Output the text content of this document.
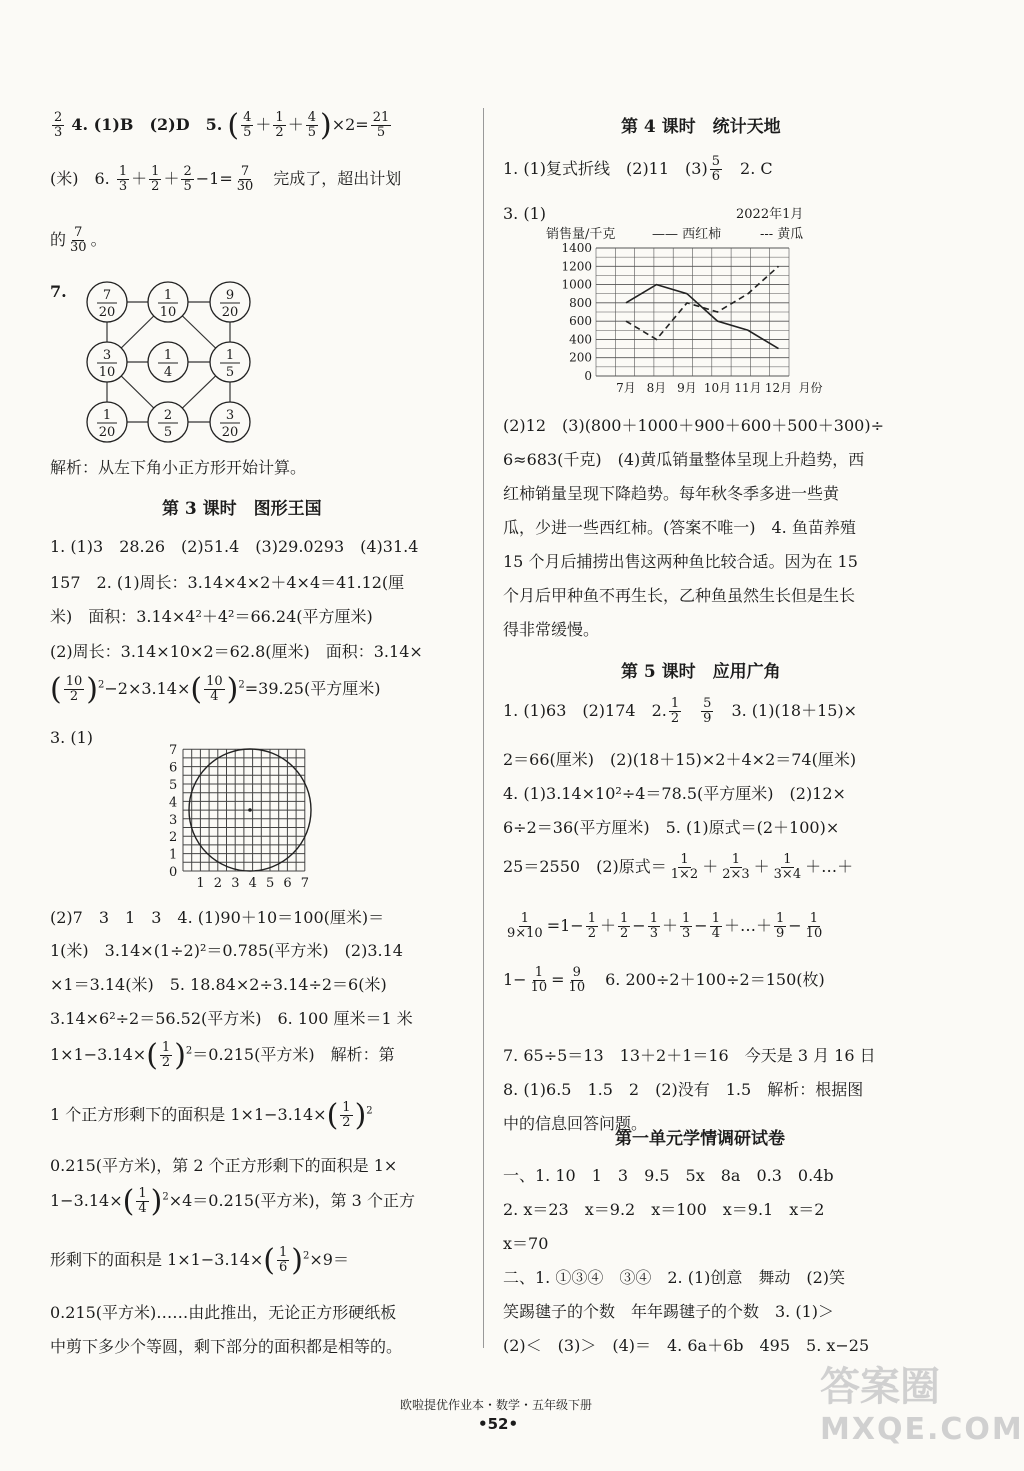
$\frac{2}{3} 4$. (1)B　(2)D　5. ( $\frac{4}{5} + \frac{1}{2} + \frac{4}{5} )\times 2= \frac{21}{5}$
(米)　6. $\frac{1}{3} + \frac{1}{2} + \frac{2}{5} -1= \frac{7}{30}$ 　完成了，超出计划
的 $\frac{7}{30}$ 。
7.	7
20
1
10
9
20
3
10
1
4
1
5
1
20
2
5
3
20
解析：从左下角小正方形开始计算。
第 3 课时　图形王国
1. (1)3　28.26　(2)51.4　(3)29.0293　(4)31.4
157　2. (1)周长：3.14×4×2＋4×4＝41.12(厘
米)　面积：3.14×4²＋4²＝66.24(平方厘米)
(2)周长：3.14×10×2＝62.8(厘米)　面积：3.14×
( $\frac{10}{2} )^2-2\times 3.14\times( \frac{10}{4} )^2=39.25$(平方厘米)
3. (1)
7
6
5
4
3
2
1
0
1 2 3 4 5 6 7
(2)7　3　1　3　4. (1)90＋10＝100(厘米)＝
1(米)　3.14×(1÷2)²＝0.785(平方米)　(2)3.14
×1＝3.14(米)　5. 18.84×2÷3.14÷2＝6(米)
3.14×6²÷2＝56.52(平方米)　6. 100 厘米＝1 米
$1\times 1-3.14\times( \frac{1}{2} )^2=0.215$(平方米)　解析：第
1 个正方形剩下的面积是 $1\times 1-3.14\times( \frac{1}{2} )^2$
0.215(平方米)，第 2 个正方形剩下的面积是 1×
$1-3.14\times( \frac{1}{4} )^2\times 4=0.215$(平方米)，第 3 个正方
形剩下的面积是 $1\times 1-3.14\times( \frac{1}{6} )^2\times 9=$
0.215(平方米)……由此推出，无论正方形硬纸板
中剪下多少个等圆，剩下部分的面积都是相等的。
第 4 课时　统计天地
1. (1)复式折线　(2)11　$(3) \frac{5}{6}$
　 2. C
3. (1)	2022年1月
销售量/千克	—— 西红柿	--- 黄瓜
0
200
400
600
800
1000
1200
1400
7月 8月 9月 10月 11月 12月 月份
(2)12　(3)(800＋1000＋900＋600＋500＋300)÷
6≈683(千克)　(4)黄瓜销量整体呈现上升趋势，西
红柿销量呈现下降趋势。每年秋冬季多进一些黄
瓜，少进一些西红柿。(答案不唯一)　4. 鱼苗养殖
15 个月后捕捞出售这两种鱼比较合适。因为在 15
个月后甲种鱼不再生长，乙种鱼虽然生长但是生长
得非常缓慢。
第 5 课时　应用广角
1. (1)63　(2)174　2. $\frac{1}{2}$
　 $\frac{5}{9}$
　 3. (1)(18＋15)×
2＝66(厘米)　(2)(18＋15)×2＋4×2＝74(厘米)
4. (1)3.14×10²÷4＝78.5(平方厘米)　(2)12×
6÷2＝36(平方厘米)　5. (1)原式＝(2＋100)×
25＝2550　(2)原式＝ $\frac{1}{1\times 2} + \frac{1}{2\times 3} + \frac{1}{3\times 4}$ ＋…＋
$\frac{1}{9\times 10} =1- \frac{1}{2} + \frac{1}{2} - \frac{1}{3} + \frac{1}{3} - \frac{1}{4}$ ＋…＋ $\frac{1}{9} - \frac{1}{10}$
$1- \frac{1}{10} = \frac{9}{10}$
　 6. 200÷2＋100÷2＝150(枚)
7. 65÷5＝13　13＋2＋1＝16　今天是 3 月 16 日
8. (1)6.5　1.5　2　(2)没有　1.5　解析：根据图
中的信息回答问题。
第一单元学情调研试卷
一、1. 10　1　3　9.5　5x　8a　0.3　0.4b
2. x＝23　x＝9.2　x＝100　x＝9.1　x＝2
x＝70
二、1. ①③④　③④　2. (1)创意　舞动　(2)笑
笑踢毽子的个数　年年踢毽子的个数　3. (1)＞
(2)＜　(3)＞　(4)＝　4. 6a＋6b　495　5. x−25
欧啦提优作业本・数学・五年级下册
•52•
答案圈
MXQE.COM
